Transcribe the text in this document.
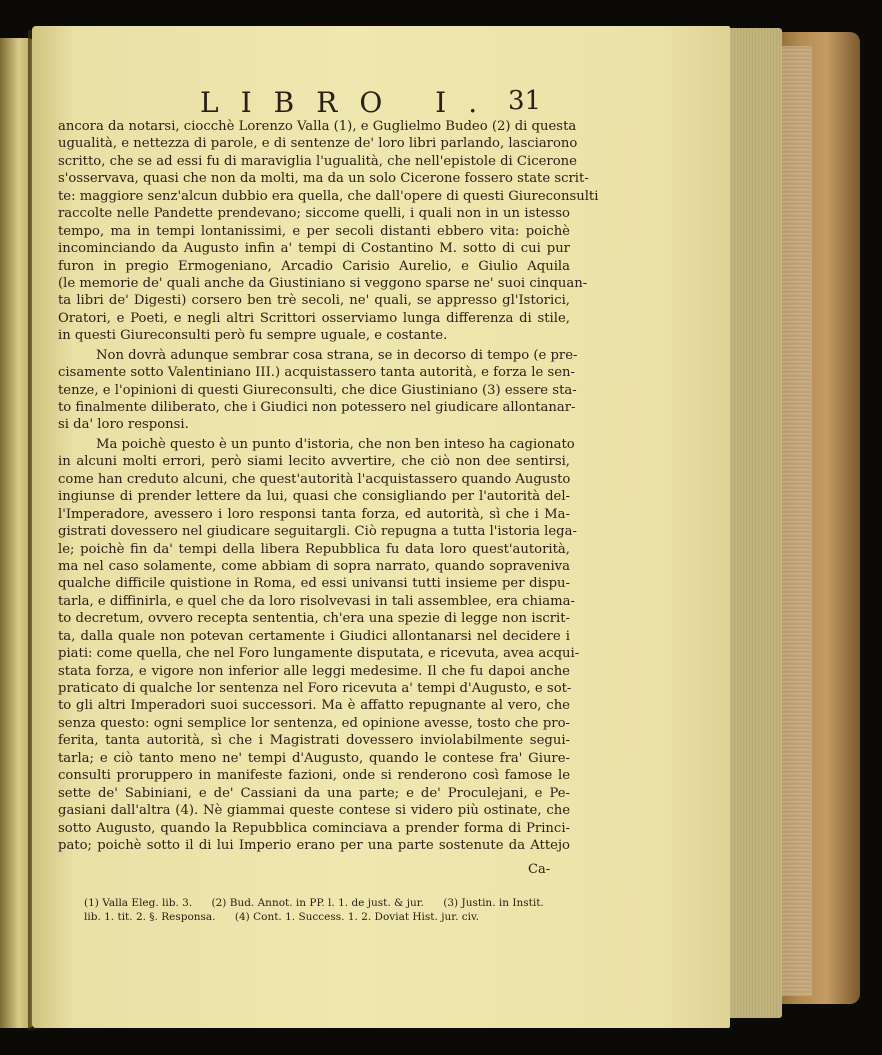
LIBRO I. 31
ancora da notarsi, ciocchè Lorenzo Valla (1), e Guglielmo Budeo (2) di questa
ugualità, e nettezza di parole, e di sentenze de' loro libri parlando, lasciarono
scritto, che se ad essi fu di maraviglia l'ugualità, che nell'epistole di Cicerone
s'osservava, quasi che non da molti, ma da un solo Cicerone fossero state scrit-
te: maggiore senz'alcun dubbio era quella, che dall'opere di questi Giureconsulti
raccolte nelle Pandette prendevano; siccome quelli, i quali non in un istesso
tempo, ma in tempi lontanissimi, e per secoli distanti ebbero vita: poichè
incominciando da Augusto infin a' tempi di Costantino M. sotto di cui pur
furon in pregio Ermogeniano, Arcadio Carisio Aurelio, e Giulio Aquila
(le memorie de' quali anche da Giustiniano si veggono sparse ne' suoi cinquan-
ta libri de' Digesti) corsero ben trè secoli, ne' quali, se appresso gl'Istorici,
Oratori, e Poeti, e negli altri Scrittori osserviamo lunga differenza di stile,
in questi Giureconsulti però fu sempre uguale, e costante.
Non dovrà adunque sembrar cosa strana, se in decorso di tempo (e pre-
cisamente sotto Valentiniano III.) acquistassero tanta autorità, e forza le sen-
tenze, e l'opinioni di questi Giureconsulti, che dice Giustiniano (3) essere sta-
to finalmente diliberato, che i Giudici non potessero nel giudicare allontanar-
si da' loro responsi.
Ma poichè questo è un punto d'istoria, che non ben inteso ha cagionato
in alcuni molti errori, però siami lecito avvertire, che ciò non dee sentirsi,
come han creduto alcuni, che quest'autorità l'acquistassero quando Augusto
ingiunse di prender lettere da lui, quasi che consigliando per l'autorità del-
l'Imperadore, avessero i loro responsi tanta forza, ed autorità, sì che i Ma-
gistrati dovessero nel giudicare seguitargli. Ciò repugna a tutta l'istoria lega-
le; poichè fin da' tempi della libera Repubblica fu data loro quest'autorità,
ma nel caso solamente, come abbiam di sopra narrato, quando sopraveniva
qualche difficile quistione in Roma, ed essi univansi tutti insieme per dispu-
tarla, e diffinirla, e quel che da loro risolvevasi in tali assemblee, era chiama-
to decretum, ovvero recepta sententia, ch'era una spezie di legge non iscrit-
ta, dalla quale non potevan certamente i Giudici allontanarsi nel decidere i
piati: come quella, che nel Foro lungamente disputata, e ricevuta, avea acqui-
stata forza, e vigore non inferior alle leggi medesime. Il che fu dapoi anche
praticato di qualche lor sentenza nel Foro ricevuta a' tempi d'Augusto, e sot-
to gli altri Imperadori suoi successori. Ma è affatto repugnante al vero, che
senza questo: ogni semplice lor sentenza, ed opinione avesse, tosto che pro-
ferita, tanta autorità, sì che i Magistrati dovessero inviolabilmente segui-
tarla; e ciò tanto meno ne' tempi d'Augusto, quando le contese fra' Giure-
consulti proruppero in manifeste fazioni, onde si renderono così famose le
sette de' Sabiniani, e de' Cassiani da una parte; e de' Proculejani, e Pe-
gasiani dall'altra (4). Nè giammai queste contese si videro più ostinate, che
sotto Augusto, quando la Repubblica cominciava a prender forma di Princi-
pato; poichè sotto il di lui Imperio erano per una parte sostenute da Attejo
Ca-
(1) Valla Eleg. lib. 3. (2) Bud. Annot. in PP. l. 1. de just. & jur. (3) Justin. in Instit.
lib. 1. tit. 2. §. Responsa. (4) Cont. 1. Success. 1. 2. Doviat Hist. jur. civ.
